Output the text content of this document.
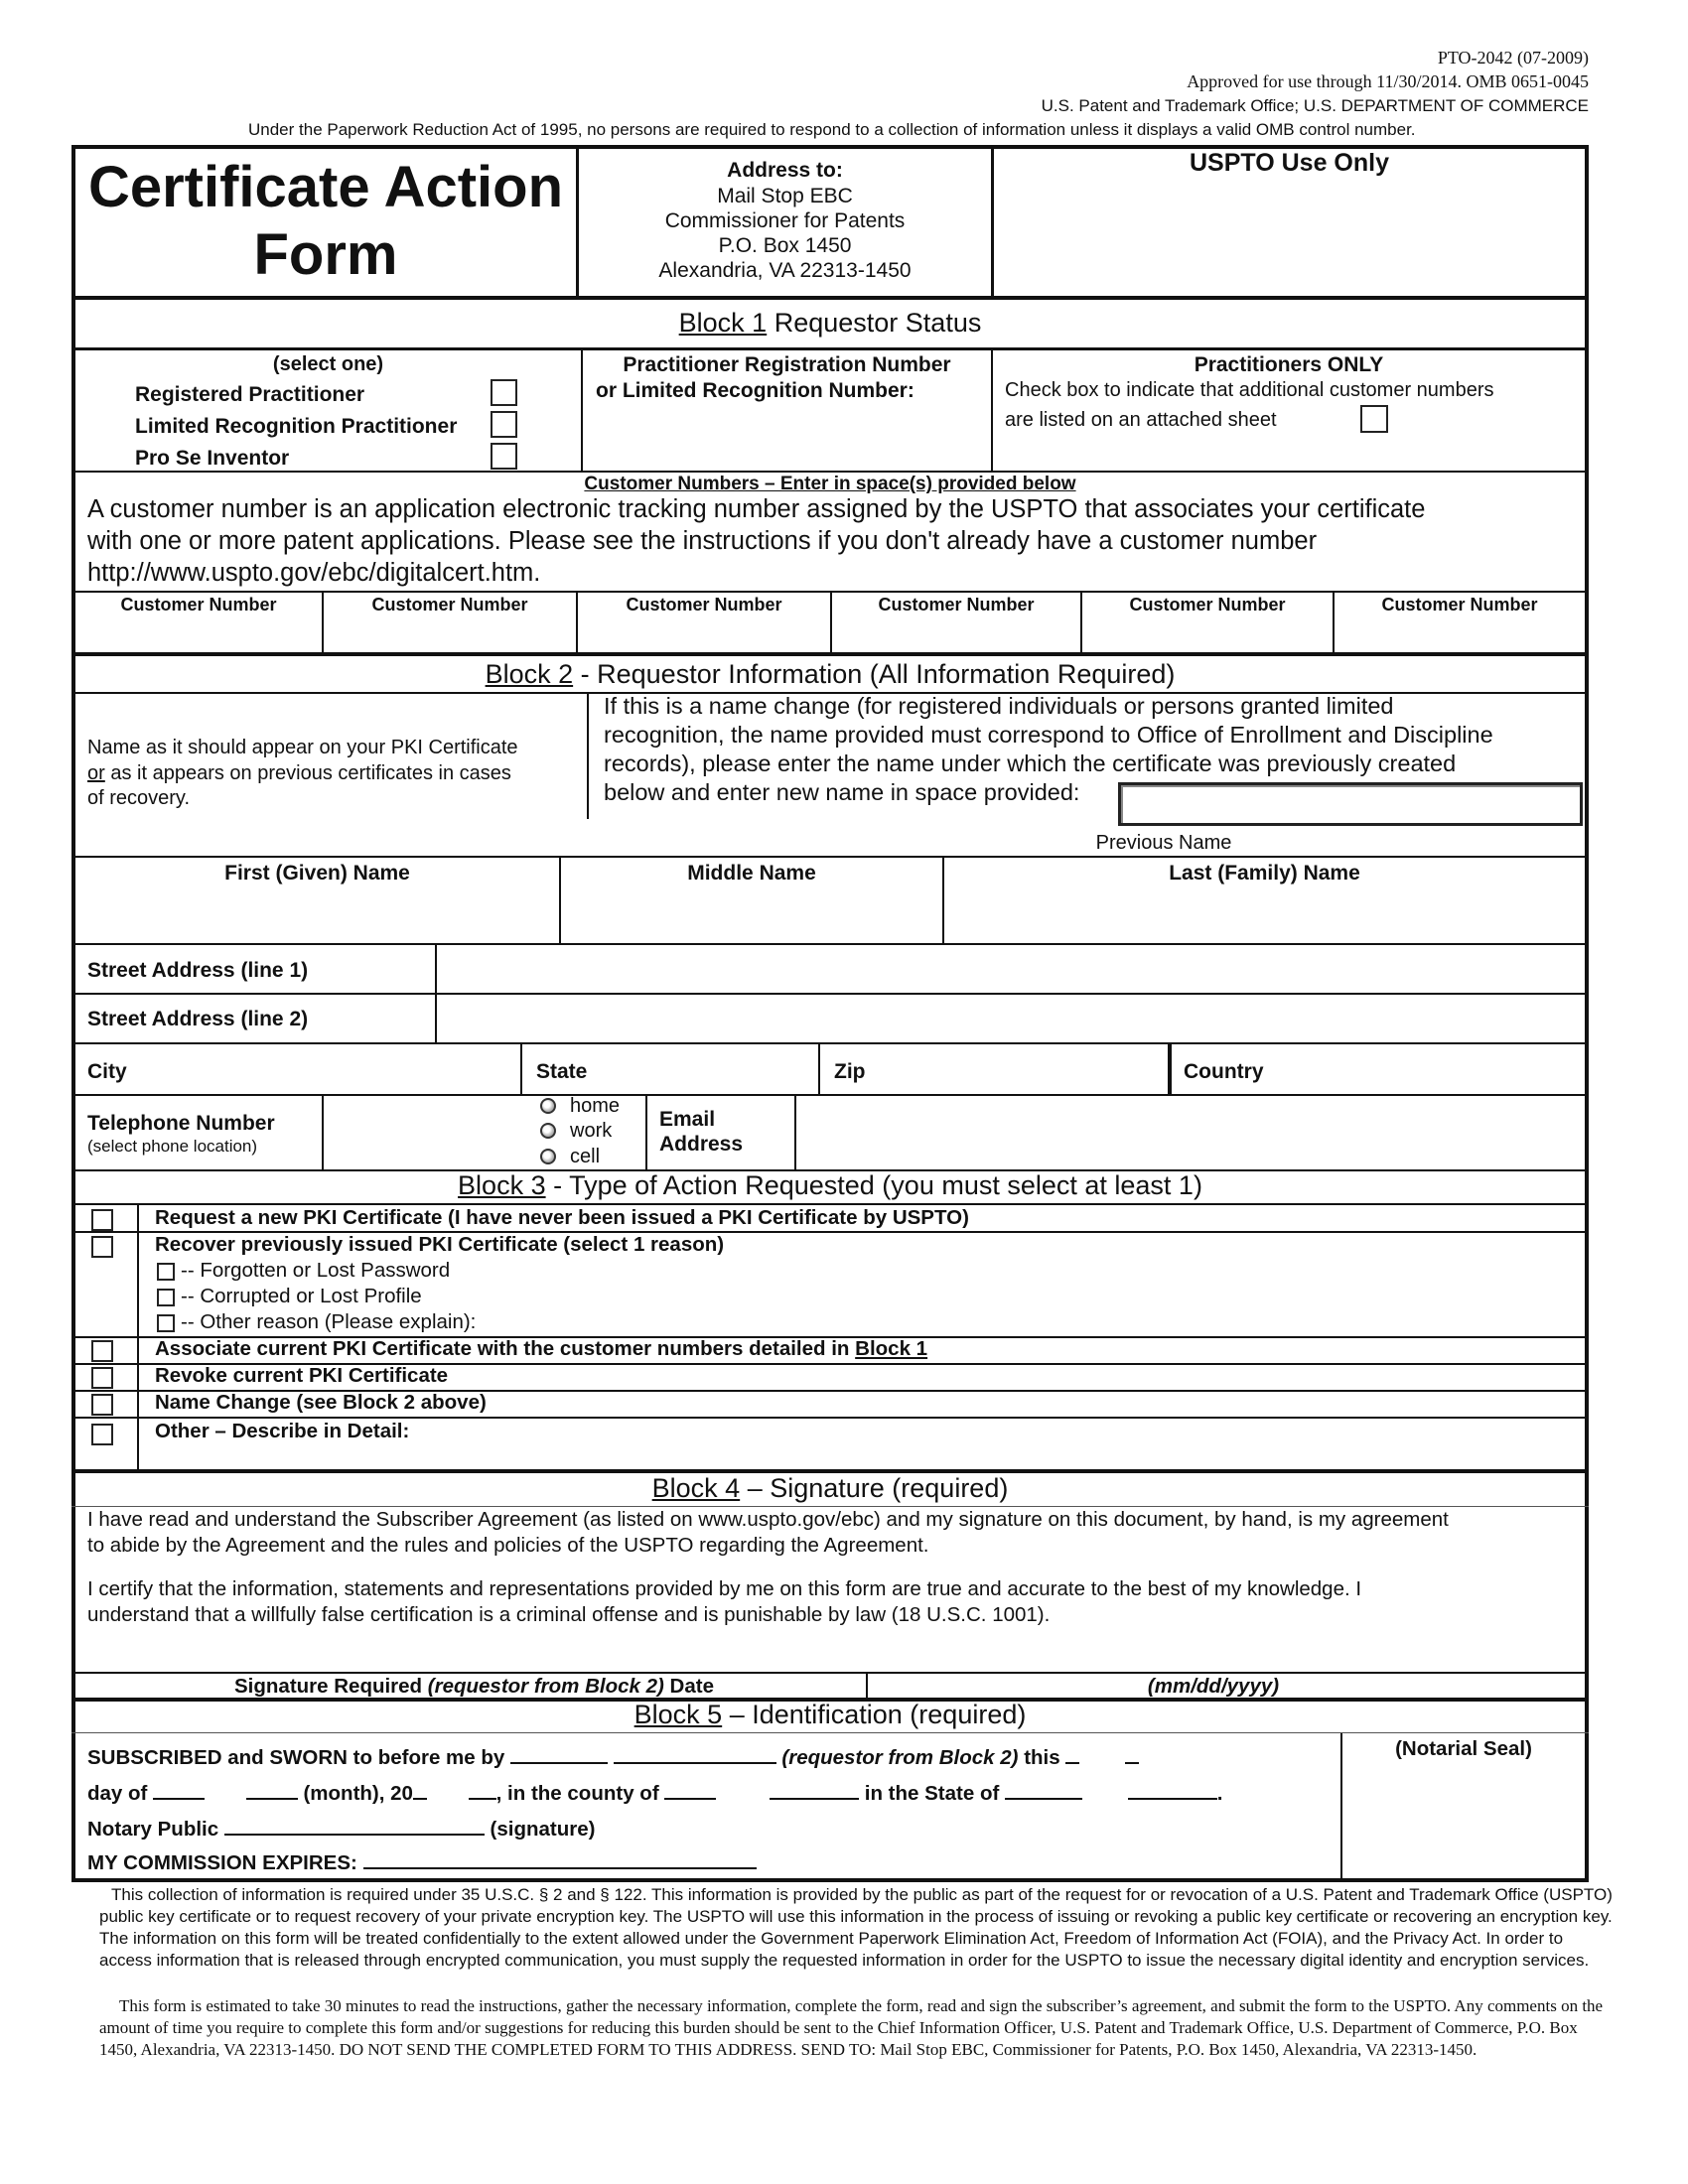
PTO-2042 (07-2009)
Approved for use through 11/30/2014. OMB 0651-0045
U.S. Patent and Trademark Office; U.S. DEPARTMENT OF COMMERCE
Under the Paperwork Reduction Act of 1995, no persons are required to respond to a collection of information unless it displays a valid OMB control number.
Certificate Action
Form
Address to:
Mail Stop EBC
Commissioner for Patents
P.O. Box 1450
Alexandria, VA 22313-1450
USPTO Use Only
Block 1 Requestor Status
(select one)
Registered Practitioner
Limited Recognition Practitioner
Pro Se Inventor
Practitioner Registration Number
or Limited Recognition Number:
Practitioners ONLY
Check box to indicate that additional customer numbers
are listed on an attached sheet
Customer Numbers – Enter in space(s) provided below
A customer number is an application electronic tracking number assigned by the USPTO that associates your certificate
with one or more patent applications. Please see the instructions if you don't already have a customer number
http://www.uspto.gov/ebc/digitalcert.htm.
Customer Number	Customer Number	Customer Number	Customer Number	Customer Number	Customer Number
Block 2 - Requestor Information (All Information Required)
Name as it should appear on your PKI Certificate
or as it appears on previous certificates in cases
of recovery.
If this is a name change (for registered individuals or persons granted limited
recognition, the name provided must correspond to Office of Enrollment and Discipline
records), please enter the name under which the certificate was previously created
below and enter new name in space provided:
Previous Name
First (Given) Name	Middle Name	Last (Family) Name
Street Address (line 1)
Street Address (line 2)
City	State	Zip	Country
Telephone Number
(select phone location)
home
work
cell
Email
Address
Block 3 - Type of Action Requested (you must select at least 1)
Request a new PKI Certificate (I have never been issued a PKI Certificate by USPTO)
Recover previously issued PKI Certificate (select 1 reason)
-- Forgotten or Lost Password
-- Corrupted or Lost Profile
-- Other reason (Please explain):
Associate current PKI Certificate with the customer numbers detailed in Block 1
Revoke current PKI Certificate
Name Change (see Block 2 above)
Other – Describe in Detail:
Block 4 – Signature (required)
I have read and understand the Subscriber Agreement (as listed on www.uspto.gov/ebc) and my signature on this document, by hand, is my agreement
to abide by the Agreement and the rules and policies of the USPTO regarding the Agreement.
I certify that the information, statements and representations provided by me on this form are true and accurate to the best of my knowledge. I
understand that a willfully false certification is a criminal offense and is punishable by law (18 U.S.C. 1001).
Signature Required (requestor from Block 2) Date	(mm/dd/yyyy)
Block 5 – Identification (required)
(Notarial Seal)
SUBSCRIBED and SWORN to before me by	(requestor from Block 2) this
day of	(month), 20	, in the county of	in the State of	.
Notary Public	(signature)
MY COMMISSION EXPIRES:
This collection of information is required under 35 U.S.C. § 2 and § 122. This information is provided by the public as part of the request for or revocation of a U.S. Patent and Trademark Office (USPTO) public key certificate or to request recovery of your private encryption key. The USPTO will use this information in the process of issuing or revoking a public key certificate or recovering an encryption key. The information on this form will be treated confidentially to the extent allowed under the Government Paperwork Elimination Act, Freedom of Information Act (FOIA), and the Privacy Act. In order to access information that is released through encrypted communication, you must supply the requested information in order for the USPTO to issue the necessary digital identity and encryption services.
This form is estimated to take 30 minutes to read the instructions, gather the necessary information, complete the form, read and sign the subscriber’s agreement, and submit the form to the USPTO. Any comments on the amount of time you require to complete this form and/or suggestions for reducing this burden should be sent to the Chief Information Officer, U.S. Patent and Trademark Office, U.S. Department of Commerce, P.O. Box 1450, Alexandria, VA 22313-1450. DO NOT SEND THE COMPLETED FORM TO THIS ADDRESS. SEND TO: Mail Stop EBC, Commissioner for Patents, P.O. Box 1450, Alexandria, VA 22313-1450.
